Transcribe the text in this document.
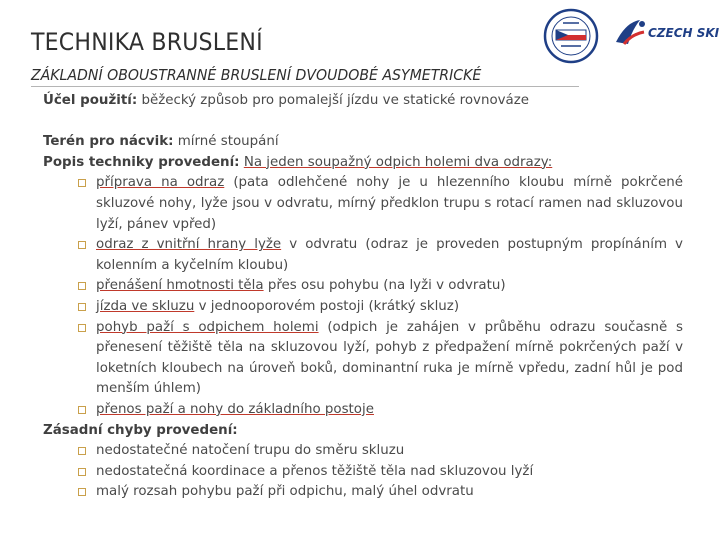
TECHNIKA BRUSLENÍ
ZÁKLADNÍ OBOUSTRANNÉ BRUSLENÍ DVOUDOBÉ ASYMETRICKÉ
CZECH SKI

Účel použití: běžecký způsob pro pomalejší jízdu ve statické rovnováze

Terén pro nácvik: mírné stoupání

Popis techniky provedení: Na jeden soupažný odpich holemi dva odrazy:

příprava na odraz (pata odlehčené nohy je u hlezenního kloubu mírně pokrčené skluzové nohy, lyže jsou v odvratu, mírný předklon trupu s rotací ramen nad skluzovou lyží, pánev vpřed)
odraz z vnitřní hrany lyže v odvratu (odraz je proveden postupným propínáním v kolenním a kyčelním kloubu)
přenášení hmotnosti těla přes osu pohybu (na lyži v odvratu)
jízda ve skluzu v jednooporovém postoji (krátký skluz)
pohyb paží s odpichem holemi (odpich je zahájen v průběhu odrazu současně s přenesení těžiště těla na skluzovou lyží, pohyb z předpažení mírně pokrčených paží v loketních kloubech na úroveň boků, dominantní ruka je mírně vpředu, zadní hůl je pod menším úhlem)
přenos paží a nohy do základního postoje

Zásadní chyby provedení:

nedostatečné natočení trupu do směru skluzu
nedostatečná koordinace a přenos těžiště těla nad skluzovou lyží
malý rozsah pohybu paží při odpichu, malý úhel odvratu
